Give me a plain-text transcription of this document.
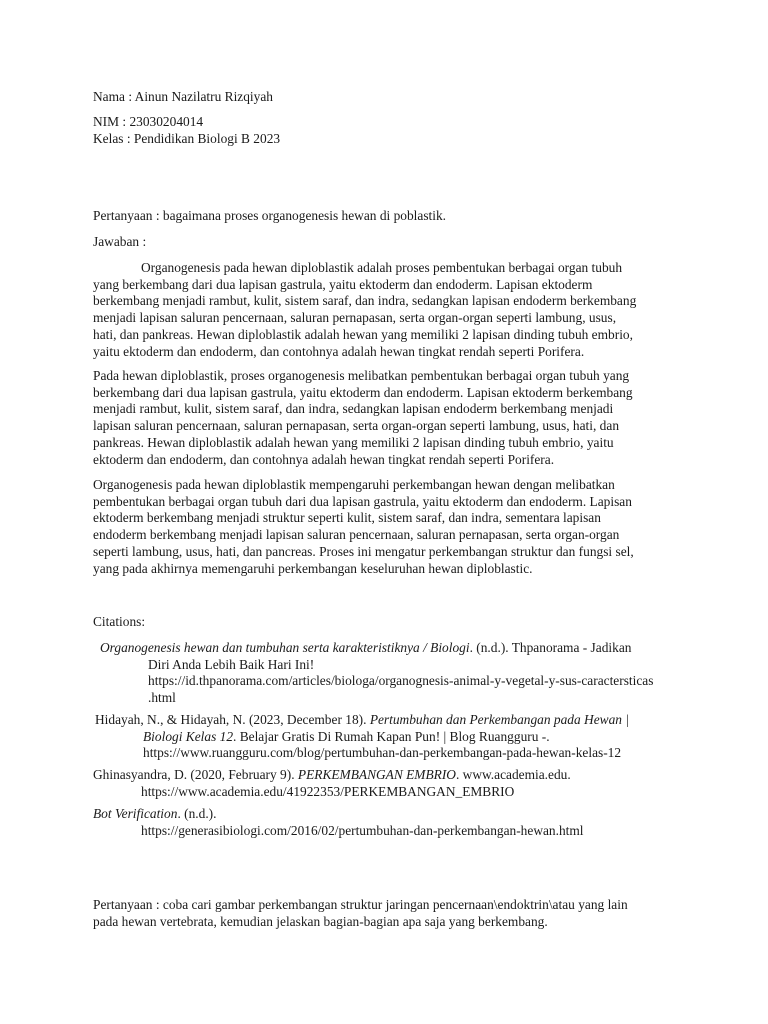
Nama : Ainun Nazilatru Rizqiyah
NIM : 23030204014
Kelas : Pendidikan Biologi B 2023
Pertanyaan : bagaimana proses organogenesis hewan di poblastik.
Jawaban :
Organogenesis pada hewan diploblastik adalah proses pembentukan berbagai organ tubuh
yang berkembang dari dua lapisan gastrula, yaitu ektoderm dan endoderm. Lapisan ektoderm
berkembang menjadi rambut, kulit, sistem saraf, dan indra, sedangkan lapisan endoderm berkembang
menjadi lapisan saluran pencernaan, saluran pernapasan, serta organ-organ seperti lambung, usus,
hati, dan pankreas. Hewan diploblastik adalah hewan yang memiliki 2 lapisan dinding tubuh embrio,
yaitu ektoderm dan endoderm, dan contohnya adalah hewan tingkat rendah seperti Porifera.
Pada hewan diploblastik, proses organogenesis melibatkan pembentukan berbagai organ tubuh yang
berkembang dari dua lapisan gastrula, yaitu ektoderm dan endoderm. Lapisan ektoderm berkembang
menjadi rambut, kulit, sistem saraf, dan indra, sedangkan lapisan endoderm berkembang menjadi
lapisan saluran pencernaan, saluran pernapasan, serta organ-organ seperti lambung, usus, hati, dan
pankreas. Hewan diploblastik adalah hewan yang memiliki 2 lapisan dinding tubuh embrio, yaitu
ektoderm dan endoderm, dan contohnya adalah hewan tingkat rendah seperti Porifera.
Organogenesis pada hewan diploblastik mempengaruhi perkembangan hewan dengan melibatkan
pembentukan berbagai organ tubuh dari dua lapisan gastrula, yaitu ektoderm dan endoderm. Lapisan
ektoderm berkembang menjadi struktur seperti kulit, sistem saraf, dan indra, sementara lapisan
endoderm berkembang menjadi lapisan saluran pencernaan, saluran pernapasan, serta organ-organ
seperti lambung, usus, hati, dan pancreas. Proses ini mengatur perkembangan struktur dan fungsi sel,
yang pada akhirnya memengaruhi perkembangan keseluruhan hewan diploblastic.
Citations:
Organogenesis hewan dan tumbuhan serta karakteristiknya / Biologi. (n.d.). Thpanorama - Jadikan
Diri Anda Lebih Baik Hari Ini!
https://id.thpanorama.com/articles/biologa/organognesis-animal-y-vegetal-y-sus-caractersticas
.html
Hidayah, N., & Hidayah, N. (2023, December 18). Pertumbuhan dan Perkembangan pada Hewan |
Biologi Kelas 12. Belajar Gratis Di Rumah Kapan Pun! | Blog Ruangguru -.
https://www.ruangguru.com/blog/pertumbuhan-dan-perkembangan-pada-hewan-kelas-12
Ghinasyandra, D. (2020, February 9). PERKEMBANGAN EMBRIO. www.academia.edu.
https://www.academia.edu/41922353/PERKEMBANGAN_EMBRIO
Bot Verification. (n.d.).
https://generasibiologi.com/2016/02/pertumbuhan-dan-perkembangan-hewan.html
Pertanyaan : coba cari gambar perkembangan struktur jaringan pencernaan\endoktrin\atau yang lain
pada hewan vertebrata, kemudian jelaskan bagian-bagian apa saja yang berkembang.
